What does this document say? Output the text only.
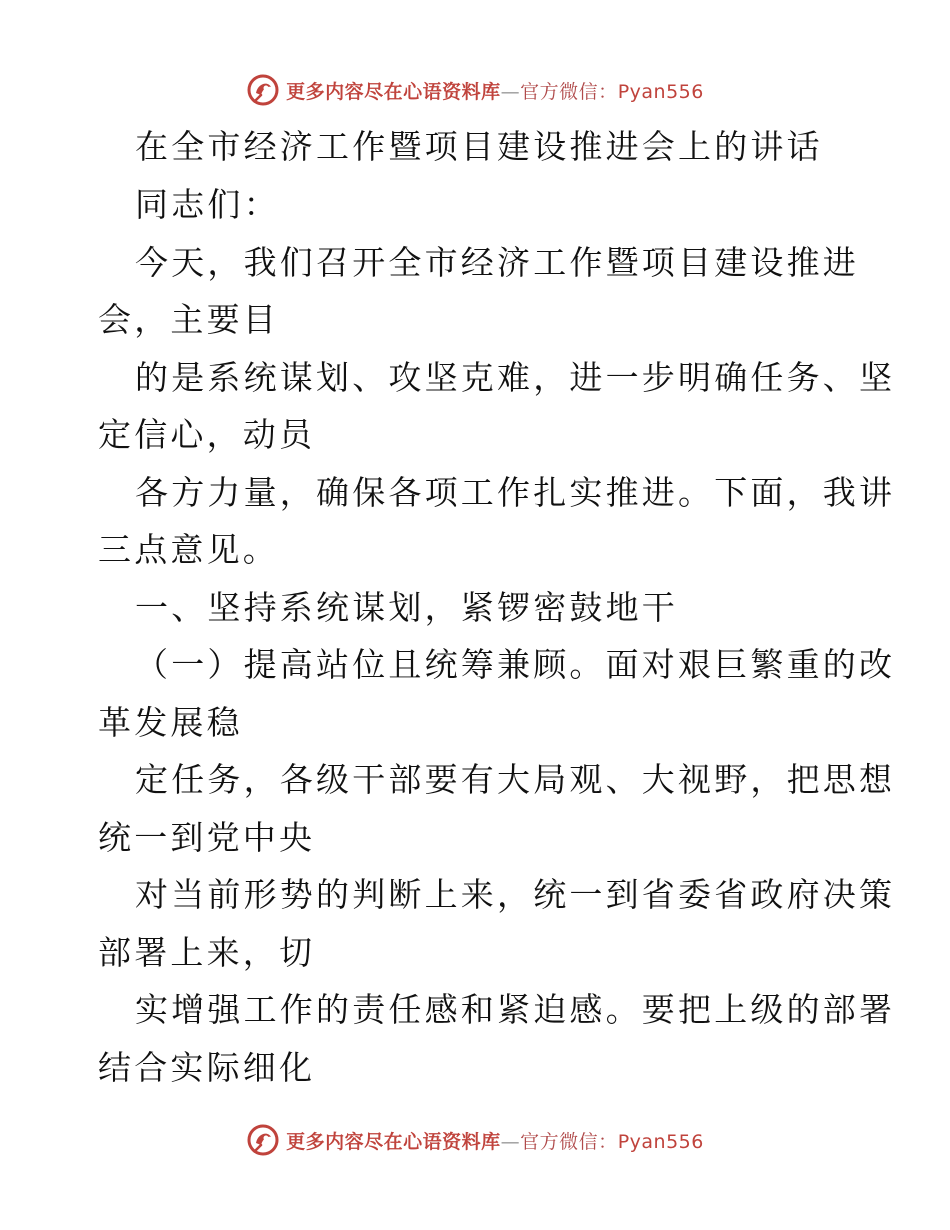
更多内容尽在心语资料库—官方微信：Pyan556
在全市经济工作暨项目建设推进会上的讲话
同志们：
今天，我们召开全市经济工作暨项目建设推进
会，主要目
的是系统谋划、攻坚克难，进一步明确任务、坚
定信心，动员
各方力量，确保各项工作扎实推进。下面，我讲
三点意见。
一、坚持系统谋划，紧锣密鼓地干
（一）提高站位且统筹兼顾。面对艰巨繁重的改
革发展稳
定任务，各级干部要有大局观、大视野，把思想
统一到党中央
对当前形势的判断上来，统一到省委省政府决策
部署上来，切
实增强工作的责任感和紧迫感。要把上级的部署
结合实际细化
更多内容尽在心语资料库—官方微信：Pyan556
